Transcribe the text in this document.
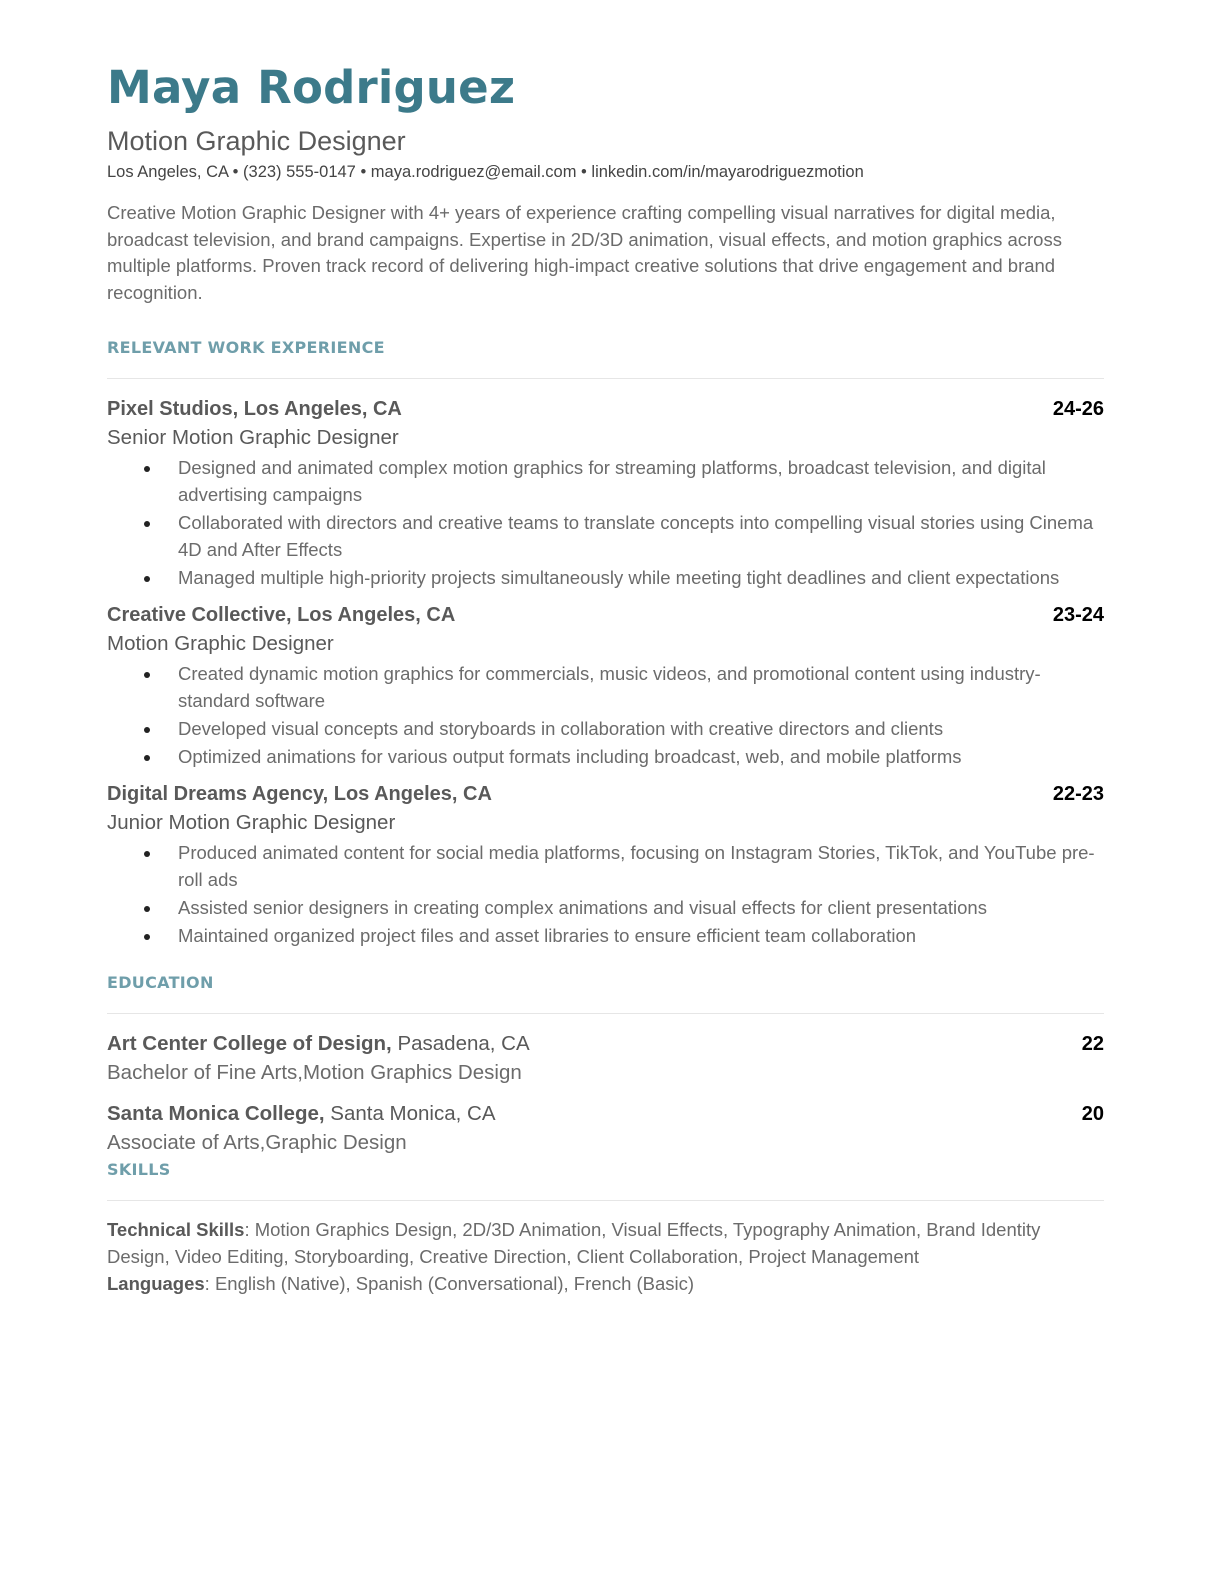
Maya Rodriguez
Motion Graphic Designer
Los Angeles, CA • (323) 555-0147 • maya.rodriguez@email.com • linkedin.com/in/mayarodriguezmotion
Creative Motion Graphic Designer with 4+ years of experience crafting compelling visual narratives for digital media, broadcast television, and brand campaigns. Expertise in 2D/3D animation, visual effects, and motion graphics across multiple platforms. Proven track record of delivering high-impact creative solutions that drive engagement and brand recognition.
RELEVANT WORK EXPERIENCE
Pixel Studios, Los Angeles, CA	24-26
Senior Motion Graphic Designer
Designed and animated complex motion graphics for streaming platforms, broadcast television, and digital advertising campaigns
Collaborated with directors and creative teams to translate concepts into compelling visual stories using Cinema 4D and After Effects
Managed multiple high-priority projects simultaneously while meeting tight deadlines and client expectations
Creative Collective, Los Angeles, CA	23-24
Motion Graphic Designer
Created dynamic motion graphics for commercials, music videos, and promotional content using industry-standard software
Developed visual concepts and storyboards in collaboration with creative directors and clients
Optimized animations for various output formats including broadcast, web, and mobile platforms
Digital Dreams Agency, Los Angeles, CA	22-23
Junior Motion Graphic Designer
Produced animated content for social media platforms, focusing on Instagram Stories, TikTok, and YouTube pre-roll ads
Assisted senior designers in creating complex animations and visual effects for client presentations
Maintained organized project files and asset libraries to ensure efficient team collaboration
EDUCATION
Art Center College of Design, Pasadena, CA	22
Bachelor of Fine Arts,Motion Graphics Design
Santa Monica College, Santa Monica, CA	20
Associate of Arts,Graphic Design
SKILLS
Technical Skills: Motion Graphics Design, 2D/3D Animation, Visual Effects, Typography Animation, Brand Identity Design, Video Editing, Storyboarding, Creative Direction, Client Collaboration, Project Management
Languages: English (Native), Spanish (Conversational), French (Basic)
